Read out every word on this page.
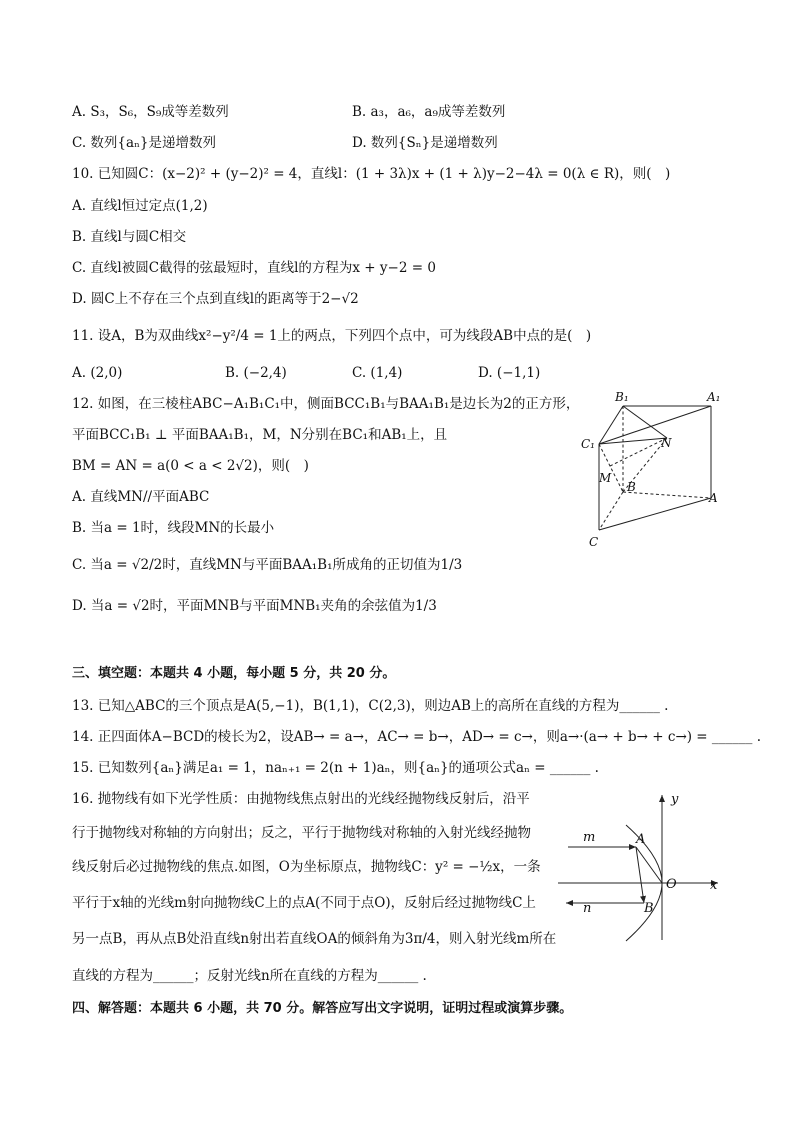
A. S₃，S₆，S₉成等差数列	B. a₃，a₆，a₉成等差数列
C. 数列{aₙ}是递增数列	D. 数列{Sₙ}是递增数列
10. 已知圆C：(x−2)² + (y−2)² = 4，直线l：(1 + 3λ)x + (1 + λ)y−2−4λ = 0(λ ∈ R)，则(　)
A. 直线l恒过定点(1,2)
B. 直线l与圆C相交
C. 直线l被圆C截得的弦最短时，直线l的方程为x + y−2 = 0
D. 圆C上不存在三个点到直线l的距离等于2−√2
11. 设A，B为双曲线x²−y²/4 = 1上的两点，下列四个点中，可为线段AB中点的是(　)
A. (2,0)	B. (−2,4)	C. (1,4)	D. (−1,1)
12. 如图，在三棱柱ABC−A₁B₁C₁中，侧面BCC₁B₁与BAA₁B₁是边长为2的正方形，
平面BCC₁B₁ ⊥ 平面BAA₁B₁，M，N分别在BC₁和AB₁上，且
BM = AN = a(0 < a < 2√2)，则(　)
A. 直线MN//平面ABC
B. 当a = 1时，线段MN的长最小
C. 当a = √2/2时，直线MN与平面BAA₁B₁所成角的正切值为1/3
D. 当a = √2时，平面MNB与平面MNB₁夹角的余弦值为1/3
B₁	A₁
C₁	N
M
B
A
C
三、填空题：本题共 4 小题，每小题 5 分，共 20 分。
13. 已知△ABC的三个顶点是A(5,−1)，B(1,1)，C(2,3)，则边AB上的高所在直线的方程为______ .
14. 正四面体A−BCD的棱长为2，设AB→ = a→，AC→ = b→，AD→ = c→，则a→·(a→ + b→ + c→) = ______ .
15. 已知数列{aₙ}满足a₁ = 1，naₙ₊₁ = 2(n + 1)aₙ，则{aₙ}的通项公式aₙ = ______ .
16. 抛物线有如下光学性质：由抛物线焦点射出的光线经抛物线反射后，沿平
行于抛物线对称轴的方向射出；反之，平行于抛物线对称轴的入射光线经抛物
线反射后必过抛物线的焦点.如图，O为坐标原点，抛物线C：y² = −½x，一条
平行于x轴的光线m射向抛物线C上的点A(不同于点O)，反射后经过抛物线C上
另一点B，再从点B处沿直线n射出若直线OA的倾斜角为3π/4，则入射光线m所在
直线的方程为______；反射光线n所在直线的方程为______ .
y
x
O
m
n
A
B
四、解答题：本题共 6 小题，共 70 分。解答应写出文字说明，证明过程或演算步骤。
